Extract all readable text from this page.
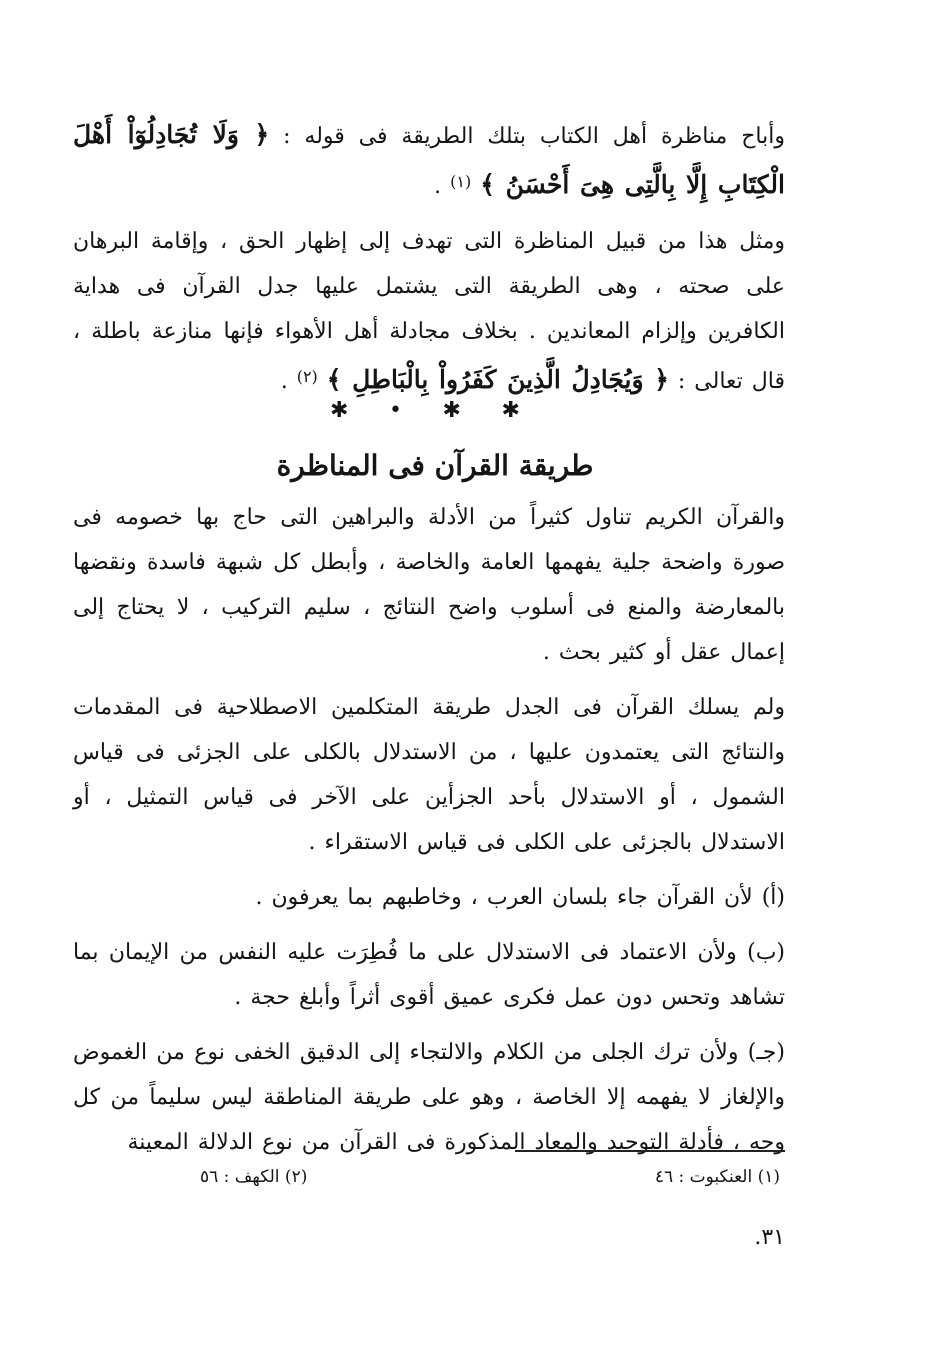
وأباح مناظرة أهل الكتاب بتلك الطريقة فى قوله : ﴿ وَلَا تُجَادِلُوٓاْ أَهْلَ الْكِتَابِ إِلَّا بِالَّتِى هِىَ أَحْسَنُ ﴾ $^{(١)}$ .

ومثل هذا من قبيل المناظرة التى تهدف إلى إظهار الحق ، وإقامة البرهان على صحته ، وهى الطريقة التى يشتمل عليها جدل القرآن فى هداية الكافرين وإلزام المعاندين . بخلاف مجادلة أهل الأهواء فإنها منازعة باطلة ، قال تعالى : ﴿ وَيُجَادِلُ الَّذِينَ كَفَرُواْ بِالْبَاطِلِ ﴾ $^{(٢)}$ .

✱ • ✱ ✱
طريقة القرآن فى المناظرة

والقرآن الكريم تناول كثيراً من الأدلة والبراهين التى حاج بها خصومه فى صورة واضحة جلية يفهمها العامة والخاصة ، وأبطل كل شبهة فاسدة ونقضها بالمعارضة والمنع فى أسلوب واضح النتائج ، سليم التركيب ، لا يحتاج إلى إعمال عقل أو كثير بحث .

ولم يسلك القرآن فى الجدل طريقة المتكلمين الاصطلاحية فى المقدمات والنتائج التى يعتمدون عليها ، من الاستدلال بالكلى على الجزئى فى قياس الشمول ، أو الاستدلال بأحد الجزأين على الآخر فى قياس التمثيل ، أو الاستدلال بالجزئى على الكلى فى قياس الاستقراء .

(أ) لأن القرآن جاء بلسان العرب ، وخاطبهم بما يعرفون .

(ب) ولأن الاعتماد فى الاستدلال على ما فُطِرَت عليه النفس من الإيمان بما تشاهد وتحس دون عمل فكرى عميق أقوى أثراً وأبلغ حجة .

(جـ) ولأن ترك الجلى من الكلام والالتجاء إلى الدقيق الخفى نوع من الغموض والإلغاز لا يفهمه إلا الخاصة ، وهو على طريقة المناطقة ليس سليماً من كل وجه ، فأدلة التوحيد والمعاد المذكورة فى القرآن من نوع الدلالة المعينة

(١) العنكبوت : ٤٦
(٢) الكهف : ٥٦
٣١.
